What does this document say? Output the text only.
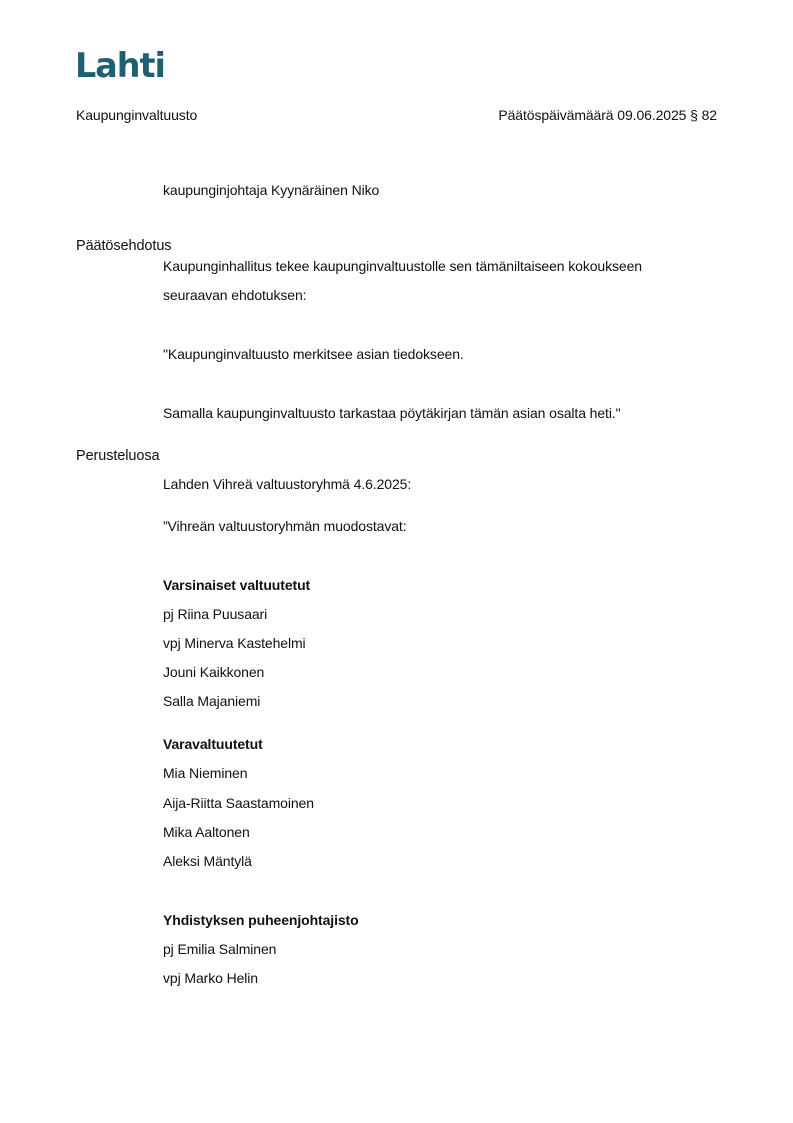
Lahti
Kaupunginvaltuusto	Päätöspäivämäärä 09.06.2025 § 82
kaupunginjohtaja Kyynäräinen Niko
Päätösehdotus
Kaupunginhallitus tekee kaupunginvaltuustolle sen tämäniltaiseen kokoukseen
seuraavan ehdotuksen:
"Kaupunginvaltuusto merkitsee asian tiedokseen.
Samalla kaupunginvaltuusto tarkastaa pöytäkirjan tämän asian osalta heti."
Perusteluosa
Lahden Vihreä valtuustoryhmä 4.6.2025:
”Vihreän valtuustoryhmän muodostavat:
Varsinaiset valtuutetut
pj Riina Puusaari
vpj Minerva Kastehelmi
Jouni Kaikkonen
Salla Majaniemi
Varavaltuutetut
Mia Nieminen
Aija-Riitta Saastamoinen
Mika Aaltonen
Aleksi Mäntylä
Yhdistyksen puheenjohtajisto
pj Emilia Salminen
vpj Marko Helin
